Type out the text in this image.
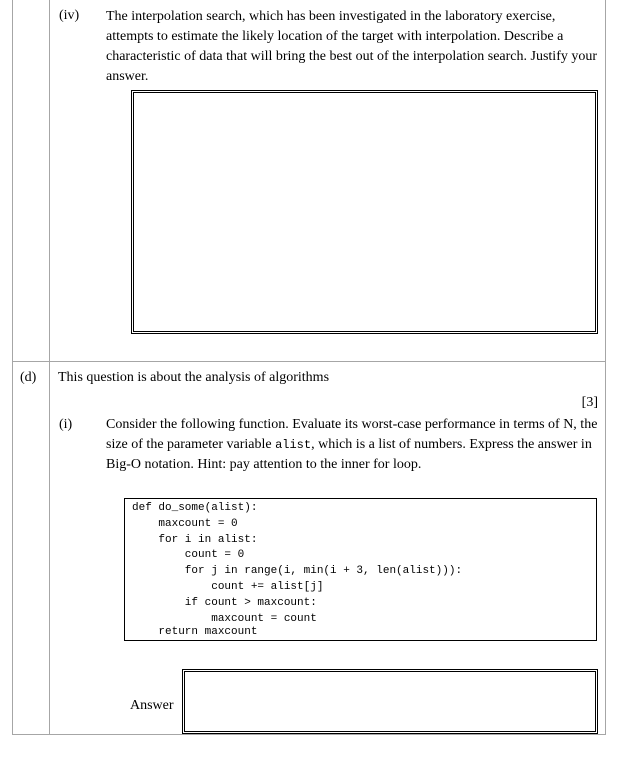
(iv) The interpolation search, which has been investigated in the laboratory exercise, attempts to estimate the likely location of the target with interpolation. Describe a characteristic of data that will bring the best out of the interpolation search. Justify your answer.
(d) This question is about the analysis of algorithms
[3]
(i) Consider the following function. Evaluate its worst-case performance in terms of N, the size of the parameter variable alist, which is a list of numbers. Express the answer in Big-O notation. Hint: pay attention to the inner for loop.
def do_some(alist):
maxcount = 0
for i in alist:
count = 0
for j in range(i, min(i + 3, len(alist))):
count += alist[j]
if count > maxcount:
maxcount = count
return maxcount
Answer
